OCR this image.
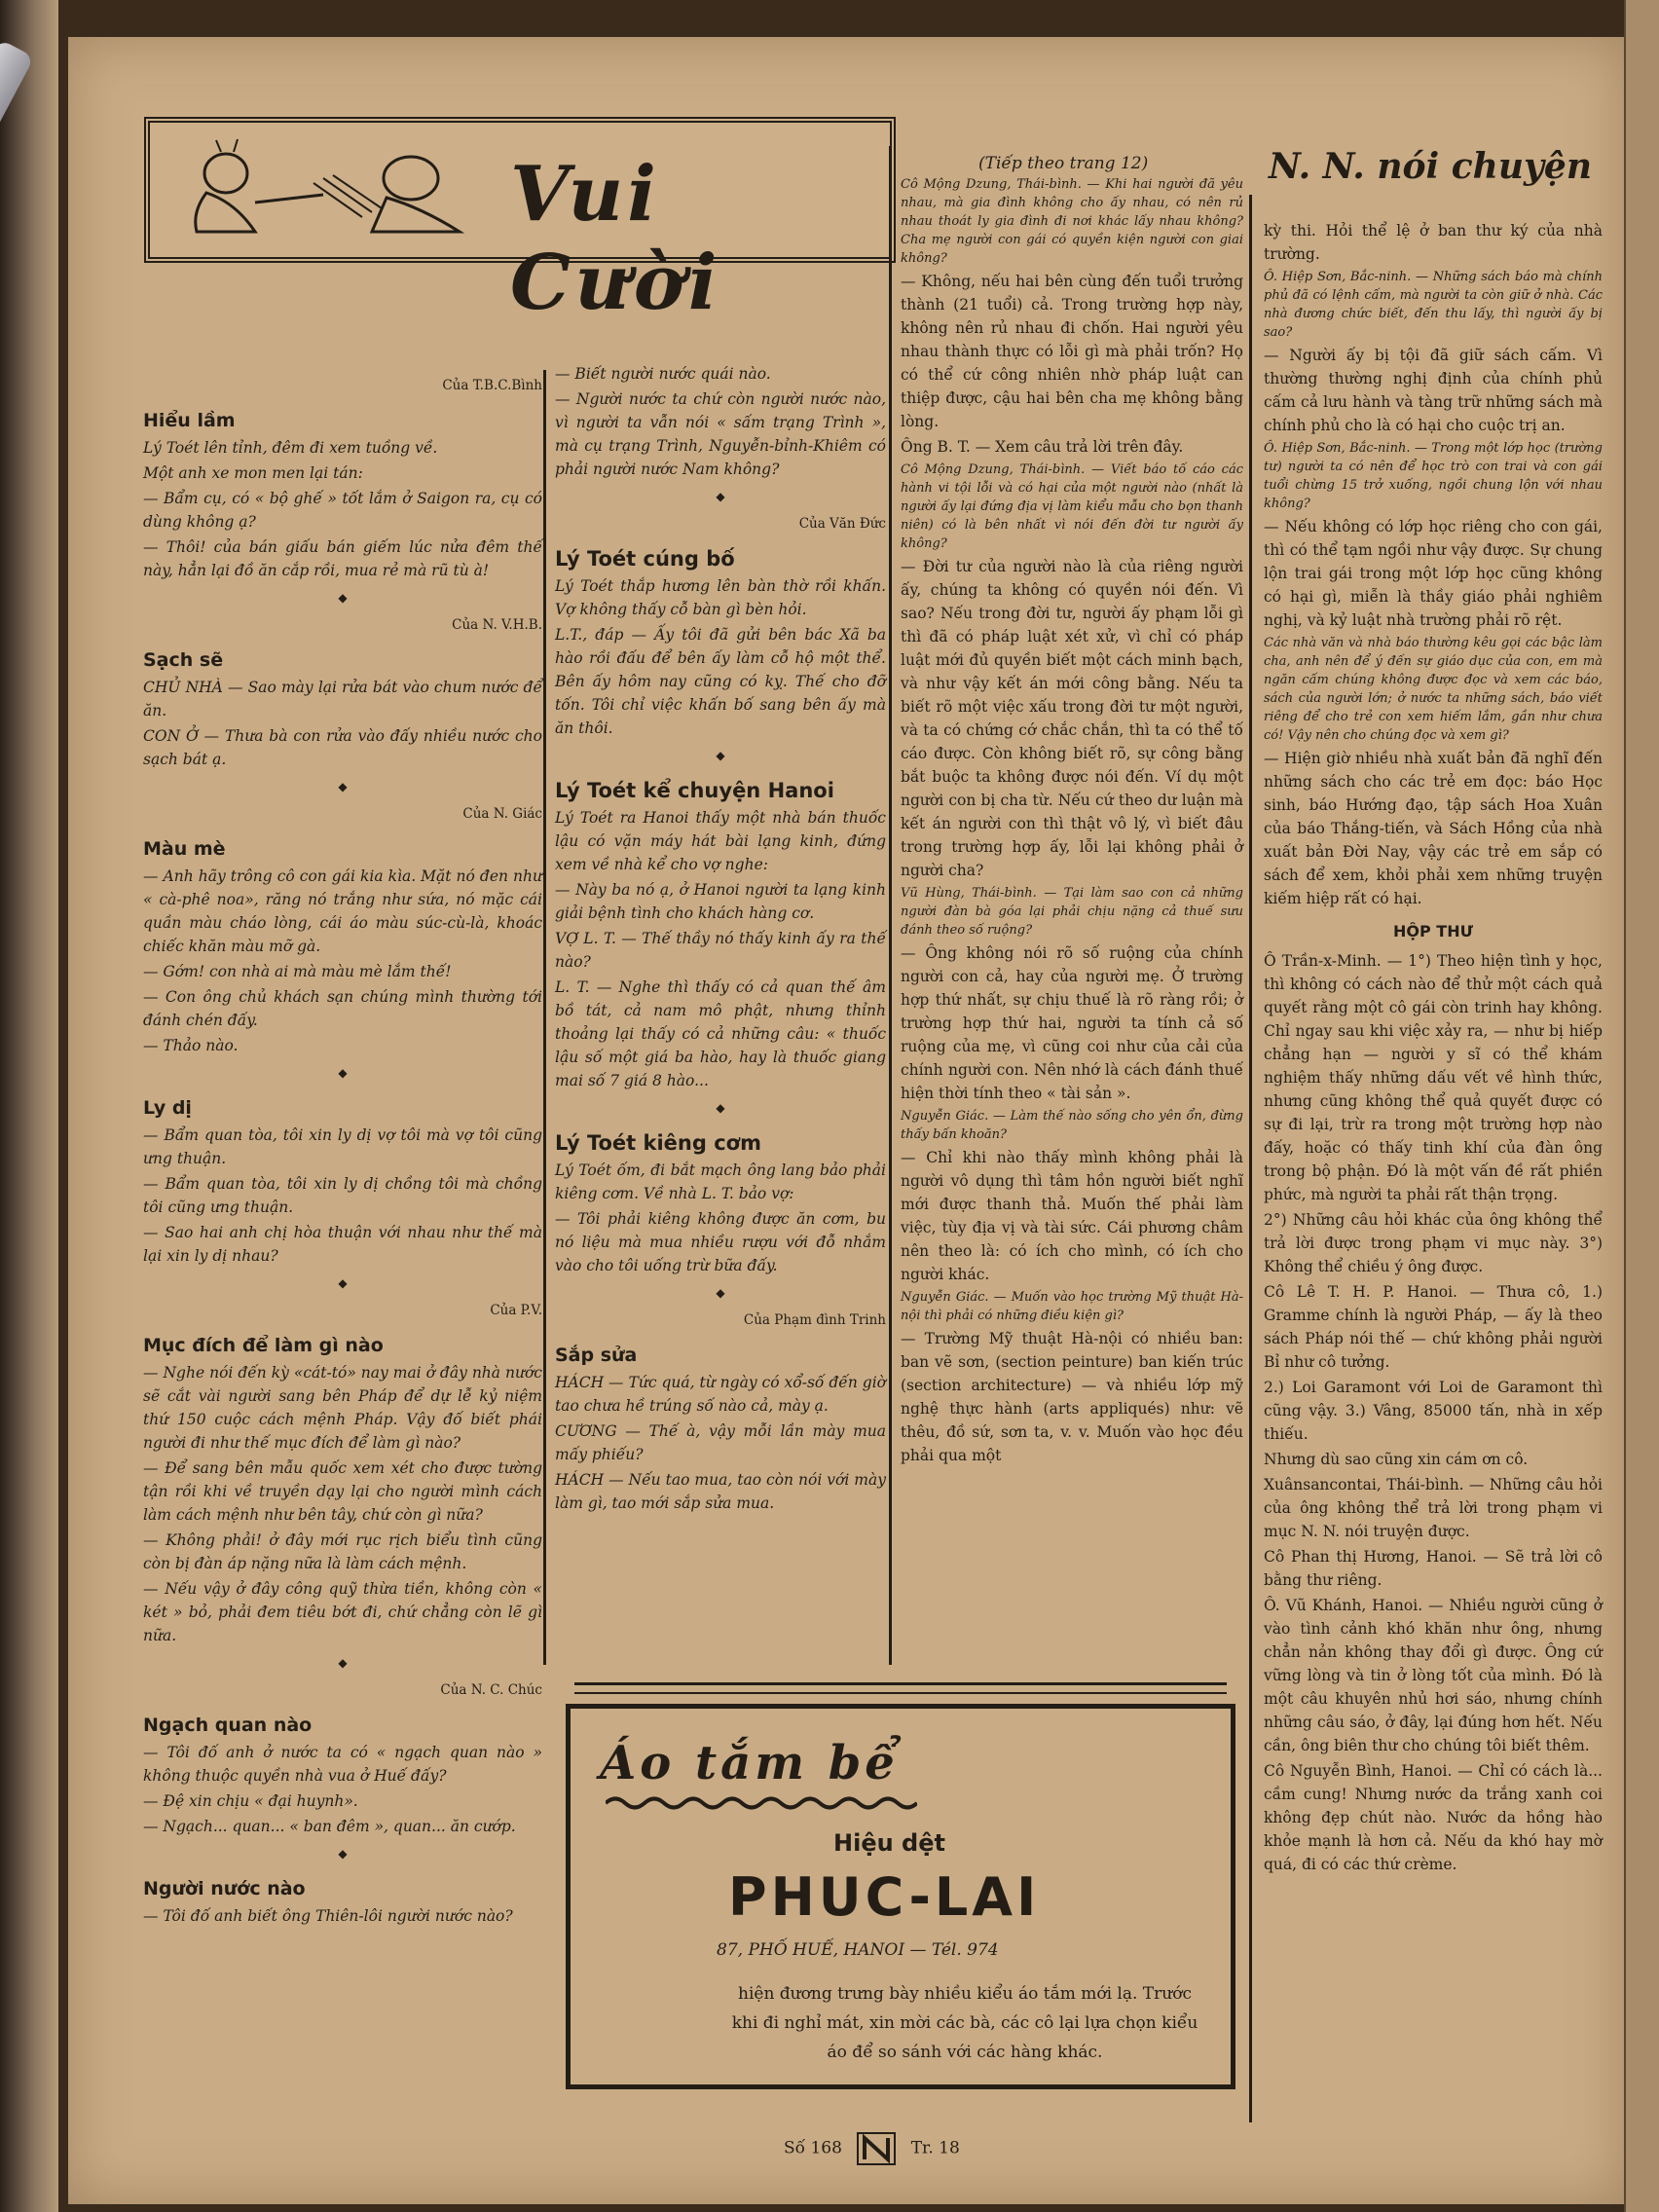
Vui Cười
(Tiếp theo trang 12)	N. N. nói chuyện
Của T.B.C.Bình
Hiểu lầm

Lý Toét lên tỉnh, đêm đi xem tuồng về.

Một anh xe mon men lại tán:

— Bẩm cụ, có « bộ ghế » tốt lắm ở Saigon ra, cụ có dùng không ạ?

— Thôi! của bán giấu bán giếm lúc nửa đêm thế này, hẳn lại đồ ăn cắp rồi, mua rẻ mà rũ tù à!

◆
Của N. V.H.B.
Sạch sẽ

CHỦ NHÀ — Sao mày lại rửa bát vào chum nước để ăn.

CON Ở — Thưa bà con rửa vào đấy nhiều nước cho sạch bát ạ.

◆
Của N. Giác
Màu mè

— Anh hãy trông cô con gái kia kìa. Mặt nó đen như « cà-phê noa», răng nó trắng như sứa, nó mặc cái quần màu cháo lòng, cái áo màu súc-cù-là, khoác chiếc khăn màu mỡ gà.

— Gớm! con nhà ai mà màu mè lắm thế!

— Con ông chủ khách sạn chúng mình thường tới đánh chén đấy.

— Thảo nào.

◆
Ly dị

— Bẩm quan tòa, tôi xin ly dị vợ tôi mà vợ tôi cũng ưng thuận.

— Bẩm quan tòa, tôi xin ly dị chồng tôi mà chồng tôi cũng ưng thuận.

— Sao hai anh chị hòa thuận với nhau như thế mà lại xin ly dị nhau?

◆
Của P.V.
Mục đích để làm gì nào

— Nghe nói đến kỳ «cát-tó» nay mai ở đây nhà nước sẽ cắt vài người sang bên Pháp để dự lễ kỷ niệm thứ 150 cuộc cách mệnh Pháp. Vậy đố biết phái người đi như thế mục đích để làm gì nào?

— Để sang bên mẫu quốc xem xét cho được tường tận rồi khi về truyền dạy lại cho người mình cách làm cách mệnh như bên tây, chứ còn gì nữa?

— Không phải! ở đây mới rục rịch biểu tình cũng còn bị đàn áp nặng nữa là làm cách mệnh.

— Nếu vậy ở đây công quỹ thừa tiền, không còn « két » bỏ, phải đem tiêu bớt đi, chứ chẳng còn lẽ gì nữa.

◆
Của N. C. Chúc
Ngạch quan nào

— Tôi đố anh ở nước ta có « ngạch quan nào » không thuộc quyền nhà vua ở Huế đấy?

— Đệ xin chịu « đại huynh».

— Ngạch... quan... « ban đêm », quan... ăn cướp.

◆
Người nước nào

— Tôi đố anh biết ông Thiên-lôi người nước nào?

— Biết người nước quái nào.

— Người nước ta chứ còn người nước nào, vì người ta vẫn nói « sấm trạng Trình », mà cụ trạng Trình, Nguyễn-bỉnh-Khiêm có phải người nước Nam không?

◆
Của Văn Đức
Lý Toét cúng bố

Lý Toét thắp hương lên bàn thờ rồi khấn. Vợ không thấy cỗ bàn gì bèn hỏi.

L.T., đáp — Ấy tôi đã gửi bên bác Xã ba hào rồi đấu để bên ấy làm cỗ hộ một thể. Bên ấy hôm nay cũng có kỵ. Thế cho đỡ tốn. Tôi chỉ việc khấn bố sang bên ấy mà ăn thôi.

◆
Lý Toét kể chuyện Hanoi

Lý Toét ra Hanoi thấy một nhà bán thuốc lậu có vặn máy hát bài lạng kinh, đứng xem về nhà kể cho vợ nghe:

— Này ba nó ạ, ở Hanoi người ta lạng kinh giải bệnh tình cho khách hàng cơ.

VỢ L. T. — Thế thầy nó thấy kinh ấy ra thế nào?

L. T. — Nghe thì thấy có cả quan thế âm bồ tát, cả nam mô phật, nhưng thỉnh thoảng lại thấy có cả những câu: « thuốc lậu số một giá ba hào, hay là thuốc giang mai số 7 giá 8 hào...

◆
Lý Toét kiêng cơm

Lý Toét ốm, đi bắt mạch ông lang bảo phải kiêng cơm. Về nhà L. T. bảo vợ:

— Tôi phải kiêng không được ăn cơm, bu nó liệu mà mua nhiều rượu với đỗ nhắm vào cho tôi uống trừ bữa đấy.

◆
Của Phạm đình Trinh
Sắp sửa

HÁCH — Tức quá, từ ngày có xổ-số đến giờ tao chưa hề trúng số nào cả, mày ạ.

CƯƠNG — Thế à, vậy mỗi lần mày mua mấy phiếu?

HÁCH — Nếu tao mua, tao còn nói với mày làm gì, tao mới sắp sửa mua.

Cô Mộng Dzung, Thái-bình. — Khi hai người đã yêu nhau, mà gia đình không cho ấy nhau, có nên rủ nhau thoát ly gia đình đi nơi khác lấy nhau không? Cha mẹ người con gái có quyền kiện người con giai không?

— Không, nếu hai bên cùng đến tuổi trưởng thành (21 tuổi) cả. Trong trường hợp này, không nên rủ nhau đi chốn. Hai người yêu nhau thành thực có lỗi gì mà phải trốn? Họ có thể cứ công nhiên nhờ pháp luật can thiệp được, cậu hai bên cha mẹ không bằng lòng.

Ông B. T. — Xem câu trả lời trên đây.

Cô Mộng Dzung, Thái-bình. — Viết báo tố cáo các hành vi tội lỗi và có hại của một người nào (nhất là người ấy lại đứng địa vị làm kiểu mẫu cho bọn thanh niên) có là bên nhất vì nói đến đời tư người ấy không?

— Đời tư của người nào là của riêng người ấy, chúng ta không có quyền nói đến. Vì sao? Nếu trong đời tư, người ấy phạm lỗi gì thì đã có pháp luật xét xử, vì chỉ có pháp luật mới đủ quyền biết một cách minh bạch, và như vậy kết án mới công bằng. Nếu ta biết rõ một việc xấu trong đời tư một người, và ta có chứng cớ chắc chắn, thì ta có thể tố cáo được. Còn không biết rõ, sự công bằng bắt buộc ta không được nói đến. Ví dụ một người con bị cha từ. Nếu cứ theo dư luận mà kết án người con thì thật vô lý, vì biết đâu trong trường hợp ấy, lỗi lại không phải ở người cha?

Vũ Hùng, Thái-bình. — Tại làm sao con cả những người đàn bà góa lại phải chịu nặng cả thuế sưu đánh theo số ruộng?

— Ông không nói rõ số ruộng của chính người con cả, hay của người mẹ. Ở trường hợp thứ nhất, sự chịu thuế là rõ ràng rồi; ở trường hợp thứ hai, người ta tính cả số ruộng của mẹ, vì cũng coi như của cải của chính người con. Nên nhớ là cách đánh thuế hiện thời tính theo « tài sản ».

Nguyễn Giác. — Làm thế nào sống cho yên ổn, đừng thấy bấn khoăn?

— Chỉ khi nào thấy mình không phải là người vô dụng thì tâm hồn người biết nghĩ mới được thanh thả. Muốn thế phải làm việc, tùy địa vị và tài sức. Cái phương châm nên theo là: có ích cho mình, có ích cho người khác.

Nguyễn Giác. — Muốn vào học trường Mỹ thuật Hà-nội thì phải có những điều kiện gì?

— Trường Mỹ thuật Hà-nội có nhiều ban: ban vẽ sơn, (section peinture) ban kiến trúc (section architecture) — và nhiều lớp mỹ nghệ thực hành (arts appliqués) như: vẽ thêu, đồ sứ, sơn ta, v. v. Muốn vào học đều phải qua một

kỳ thi. Hỏi thể lệ ở ban thư ký của nhà trường.

Ô. Hiệp Sơn, Bắc-ninh. — Những sách báo mà chính phủ đã có lệnh cấm, mà người ta còn giữ ở nhà. Các nhà đương chức biết, đến thu lấy, thì người ấy bị sao?

— Người ấy bị tội đã giữ sách cấm. Vì thường thường nghị định của chính phủ cấm cả lưu hành và tàng trữ những sách mà chính phủ cho là có hại cho cuộc trị an.

Ô. Hiệp Sơn, Bắc-ninh. — Trong một lớp học (trường tư) người ta có nên để học trò con trai và con gái tuổi chừng 15 trở xuống, ngồi chung lộn với nhau không?

— Nếu không có lớp học riêng cho con gái, thì có thể tạm ngồi như vậy được. Sự chung lộn trai gái trong một lớp học cũng không có hại gì, miễn là thầy giáo phải nghiêm nghị, và kỷ luật nhà trường phải rõ rệt.

Các nhà văn và nhà báo thường kêu gọi các bậc làm cha, anh nên để ý đến sự giáo dục của con, em mà ngăn cấm chúng không được đọc và xem các báo, sách của người lớn; ở nước ta những sách, báo viết riêng để cho trẻ con xem hiếm lắm, gần như chưa có! Vậy nên cho chúng đọc và xem gì?

— Hiện giờ nhiều nhà xuất bản đã nghĩ đến những sách cho các trẻ em đọc: báo Học sinh, báo Hướng đạo, tập sách Hoa Xuân của báo Thắng-tiến, và Sách Hồng của nhà xuất bản Đời Nay, vậy các trẻ em sắp có sách để xem, khỏi phải xem những truyện kiếm hiệp rất có hại.

HỘP THƯ

Ô Trần-x-Minh. — 1°) Theo hiện tình y học, thì không có cách nào để thử một cách quả quyết rằng một cô gái còn trinh hay không. Chỉ ngay sau khi việc xảy ra, — như bị hiếp chẳng hạn — người y sĩ có thể khám nghiệm thấy những dấu vết về hình thức, nhưng cũng không thể quả quyết được có sự đi lại, trừ ra trong một trường hợp nào đấy, hoặc có thấy tinh khí của đàn ông trong bộ phận. Đó là một vấn đề rất phiền phức, mà người ta phải rất thận trọng.

2°) Những câu hỏi khác của ông không thể trả lời được trong phạm vi mục này. 3°) Không thể chiều ý ông được.

Cô Lê T. H. P. Hanoi. — Thưa cô, 1.) Gramme chính là người Pháp, — ấy là theo sách Pháp nói thế — chứ không phải người Bỉ như cô tưởng.

2.) Loi Garamont với Loi de Garamont thì cũng vậy. 3.) Vâng, 85000 tấn, nhà in xếp thiếu.

Nhưng dù sao cũng xin cám ơn cô.

Xuânsancontai, Thái-bình. — Những câu hỏi của ông không thể trả lời trong phạm vi mục N. N. nói truyện được.

Cô Phan thị Hương, Hanoi. — Sẽ trả lời cô bằng thư riêng.

Ô. Vũ Khánh, Hanoi. — Nhiều người cũng ở vào tình cảnh khó khăn như ông, nhưng chẳn nản không thay đổi gì được. Ông cứ vững lòng và tin ở lòng tốt của mình. Đó là một câu khuyên nhủ hơi sáo, nhưng chính những câu sáo, ở đây, lại đúng hơn hết. Nếu cần, ông biên thư cho chúng tôi biết thêm.

Cô Nguyễn Bình, Hanoi. — Chỉ có cách là... cầm cung! Nhưng nước da trắng xanh coi không đẹp chút nào. Nước da hồng hào khỏe mạnh là hơn cả. Nếu da khó hay mờ quá, đi có các thứ crème.

Áo tắm bể
Hiệu dệt
PHUC-LAI
87, PHỐ HUẾ, HANOI — Tél. 974
hiện đương trưng bày nhiều kiểu áo tắm mới lạ. Trước khi đi nghỉ mát, xin mời các bà, các cô lại lựa chọn kiểu áo để so sánh với các hàng khác.
Số 168	Tr. 18
